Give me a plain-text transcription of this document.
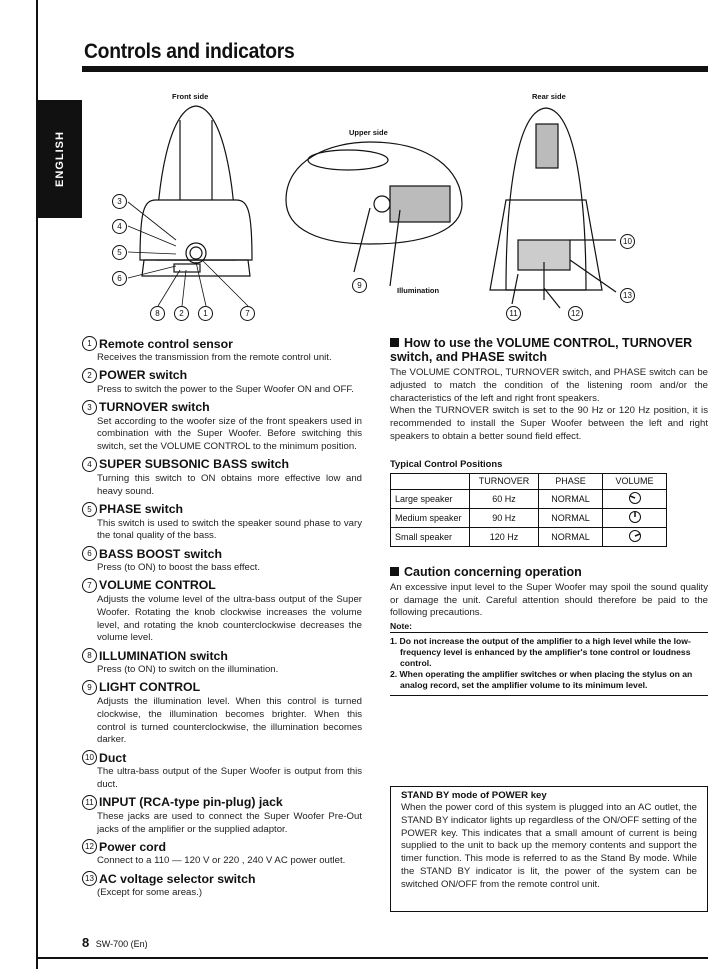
Controls and indicators
ENGLISH
Front side	Rear side
Upper side
Illumination
3
4
5
6
8	2	1	7
9
10
11	12
13
1 Remote control sensor
Receives the transmission from the remote control unit.
2 POWER switch
Press to switch the power to the Super Woofer ON and OFF.
3 TURNOVER switch
Set according to the woofer size of the front speakers used in combination with the Super Woofer. Before switching this switch, set the VOLUME CONTROL to the minimum position.
4 SUPER SUBSONIC BASS switch
Turning this switch to ON obtains more effective low and heavy sound.
5 PHASE switch
This switch is used to switch the speaker sound phase to vary the tonal quality of the bass.
6 BASS BOOST switch
Press (to ON) to boost the bass effect.
7 VOLUME CONTROL
Adjusts the volume level of the ultra-bass output of the Super Woofer. Rotating the knob clockwise increases the volume level, and rotating the knob counterclockwise decreases the volume level.
8 ILLUMINATION switch
Press (to ON) to switch on the illumination.
9 LIGHT CONTROL
Adjusts the illumination level. When this control is turned clockwise, the illumination becomes brighter. When this control is turned counterclockwise, the illumination becomes darker.
10 Duct
The ultra-bass output of the Super Woofer is output from this duct.
11 INPUT (RCA-type pin-plug) jack
These jacks are used to connect the Super Woofer Pre-Out jacks of the amplifier or the supplied adaptor.
12 Power cord
Connect to a 110 — 120 V or 220 , 240 V AC power outlet.
13 AC voltage selector switch
(Except for some areas.)
How to use the VOLUME CONTROL, TURNOVER switch, and PHASE switch
The VOLUME CONTROL, TURNOVER switch, and PHASE switch can be adjusted to match the condition of the listening room and/or the characteristics of the left and right front speakers.
When the TURNOVER switch is set to the 90 Hz or 120 Hz position, it is recommended to install the Super Woofer between the left and right speakers to obtain a better sound field effect.
Typical Control Positions
	TURNOVER	PHASE	VOLUME
Large speaker	60 Hz	NORMAL	
Medium speaker	90 Hz	NORMAL	
Small speaker	120 Hz	NORMAL	
Caution concerning operation
An excessive input level to the Super Woofer may spoil the sound quality or damage the unit. Careful attention should therefore be paid to the following precautions.
Note:
1. Do not increase the output of the amplifier to a high level while the low-frequency level is enhanced by the amplifier's tone control or loudness control.
2. When operating the amplifier switches or when placing the stylus on an analog record, set the amplifier volume to its minimum level.
STAND BY mode of POWER key
When the power cord of this system is plugged into an AC outlet, the STAND BY indicator lights up regardless of the ON/OFF setting of the POWER key. This indicates that a small amount of current is being supplied to the unit to back up the memory contents and support the timer function. This mode is referred to as the Stand By mode. While the STAND BY indicator is lit, the power of the system can be switched ON/OFF from the remote control unit.
8 SW-700 (En)
